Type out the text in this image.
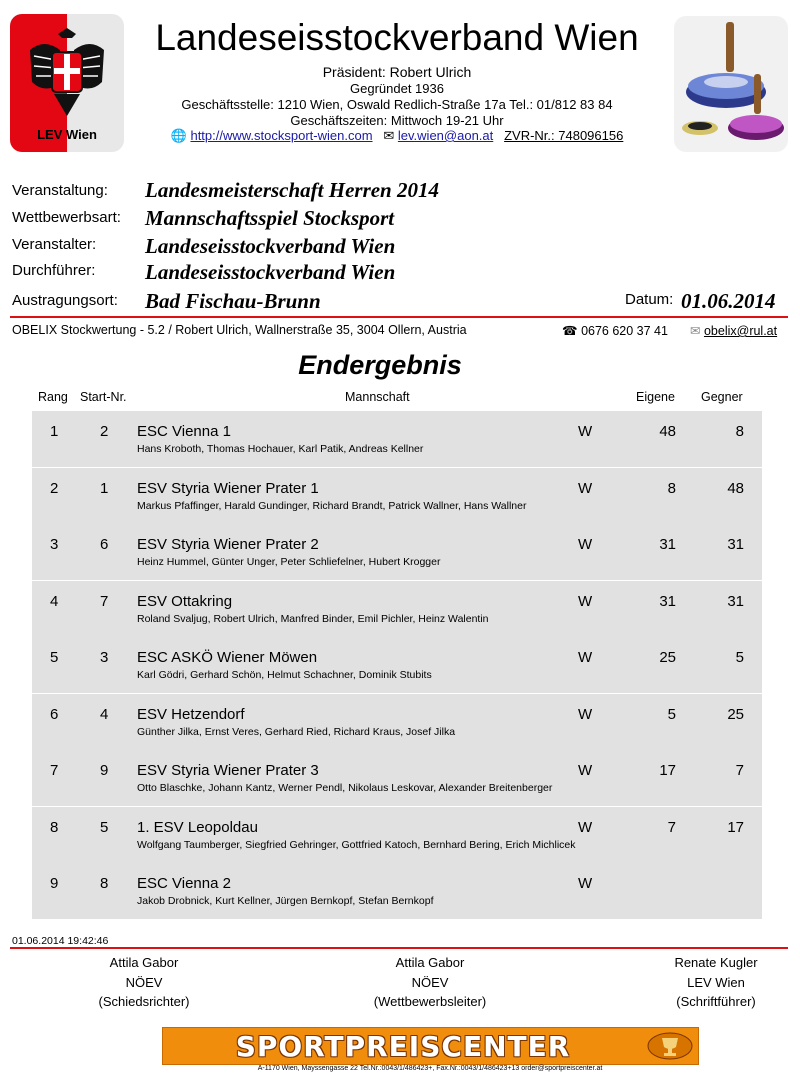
LEV Wien
Landeseisstockverband Wien
Präsident: Robert Ulrich
Gegründet 1936
Geschäftsstelle: 1210 Wien, Oswald Redlich-Straße 17a Tel.: 01/812 83 84
Geschäftszeiten: Mittwoch 19-21 Uhr
🌐 http://www.stocksport-wien.com ✉ lev.wien@aon.at ZVR-Nr.: 748096156
Veranstaltung: Landesmeisterschaft Herren 2014
Wettbewerbsart: Mannschaftsspiel Stocksport
Veranstalter: Landeseisstockverband Wien
Durchführer: Landeseisstockverband Wien
Austragungsort: Bad Fischau-Brunn	Datum: 01.06.2014
OBELIX Stockwertung - 5.2 / Robert Ulrich, Wallnerstraße 35, 3004 Ollern, Austria	☎ 0676 620 37 41 ✉ obelix@rul.at
Endergebnis
Rang Start-Nr.	Mannschaft	Eigene Gegner
1	2 ESC Vienna 1	W	48	8
Hans Kroboth, Thomas Hochauer, Karl Patik, Andreas Kellner
2	1 ESV Styria Wiener Prater 1	W	8	48
Markus Pfaffinger, Harald Gundinger, Richard Brandt, Patrick Wallner, Hans Wallner
3	6 ESV Styria Wiener Prater 2	W	31	31
Heinz Hummel, Günter Unger, Peter Schliefelner, Hubert Krogger
4	7 ESV Ottakring	W	31	31
Roland Svaljug, Robert Ulrich, Manfred Binder, Emil Pichler, Heinz Walentin
5	3 ESC ASKÖ Wiener Möwen	W	25	5
Karl Gödri, Gerhard Schön, Helmut Schachner, Dominik Stubits
6	4 ESV Hetzendorf	W	5	25
Günther Jilka, Ernst Veres, Gerhard Ried, Richard Kraus, Josef Jilka
7	9 ESV Styria Wiener Prater 3	W	17	7
Otto Blaschke, Johann Kantz, Werner Pendl, Nikolaus Leskovar, Alexander Breitenberger
8	5 1. ESV Leopoldau	W	7	17
Wolfgang Taumberger, Siegfried Gehringer, Gottfried Katoch, Bernhard Bering, Erich Michlicek
9	8 ESC Vienna 2	W
Jakob Drobnick, Kurt Kellner, Jürgen Bernkopf, Stefan Bernkopf
01.06.2014 19:42:46
Attila Gabor
NÖEV
(Schiedsrichter)
Attila Gabor
NÖEV
(Wettbewerbsleiter)
Renate Kugler
LEV Wien
(Schriftführer)
SPORTPREISCENTER
A-1170 Wien, Mayssengasse 22 Tel.Nr.:0043/1/486423+, Fax.Nr.:0043/1/486423+13 order@sportpreiscenter.at
